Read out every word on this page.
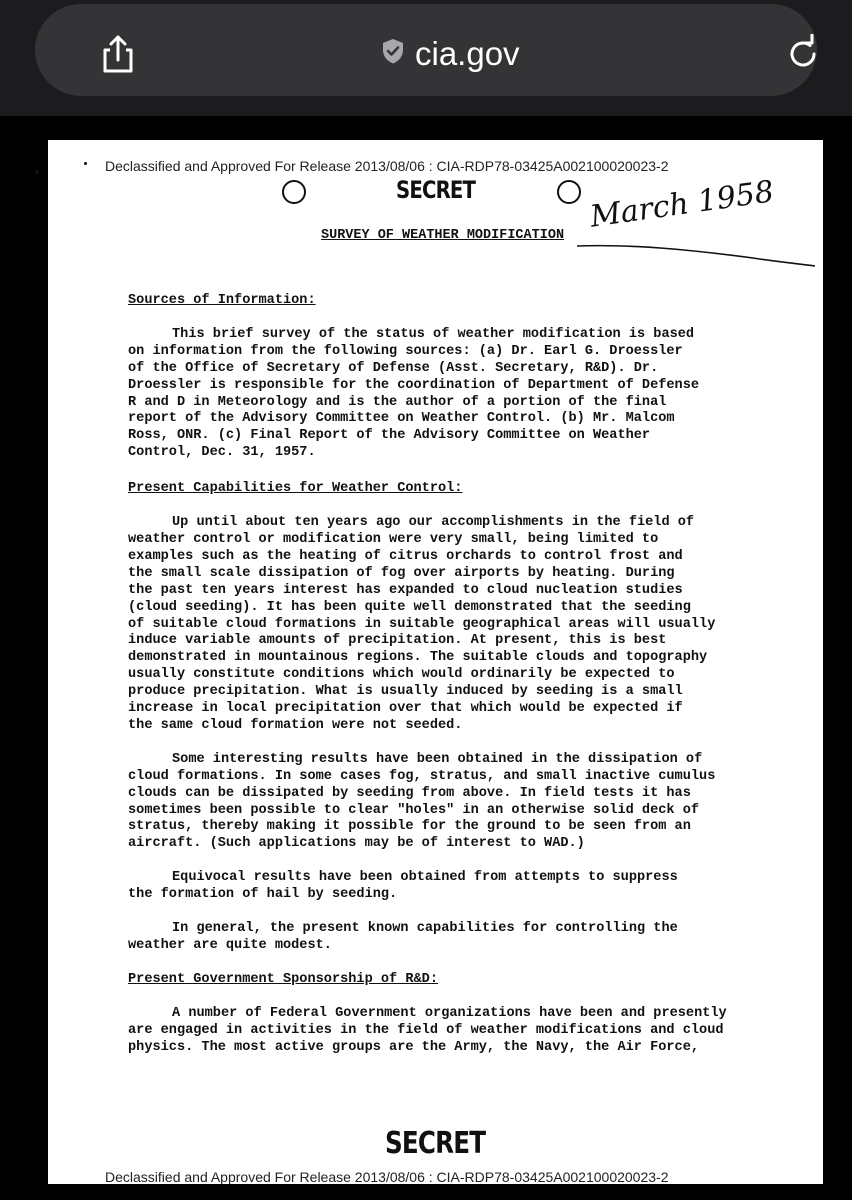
cia.gov
Declassified and Approved For Release 2013/08/06 : CIA-RDP78-03425A002100020023-2
SECRET
SURVEY OF WEATHER MODIFICATION
March 1958

Sources of Information:

This brief survey of the status of weather modification is based
on information from the following sources: (a) Dr. Earl G. Droessler
of the Office of Secretary of Defense (Asst. Secretary, R&D). Dr.
Droessler is responsible for the coordination of Department of Defense
R and D in Meteorology and is the author of a portion of the final
report of the Advisory Committee on Weather Control. (b) Mr. Malcom
Ross, ONR. (c) Final Report of the Advisory Committee on Weather
Control, Dec. 31, 1957.

Present Capabilities for Weather Control:

Up until about ten years ago our accomplishments in the field of
weather control or modification were very small, being limited to
examples such as the heating of citrus orchards to control frost and
the small scale dissipation of fog over airports by heating. During
the past ten years interest has expanded to cloud nucleation studies
(cloud seeding). It has been quite well demonstrated that the seeding
of suitable cloud formations in suitable geographical areas will usually
induce variable amounts of precipitation. At present, this is best
demonstrated in mountainous regions. The suitable clouds and topography
usually constitute conditions which would ordinarily be expected to
produce precipitation. What is usually induced by seeding is a small
increase in local precipitation over that which would be expected if
the same cloud formation were not seeded.

Some interesting results have been obtained in the dissipation of
cloud formations. In some cases fog, stratus, and small inactive cumulus
clouds can be dissipated by seeding from above. In field tests it has
sometimes been possible to clear "holes" in an otherwise solid deck of
stratus, thereby making it possible for the ground to be seen from an
aircraft. (Such applications may be of interest to WAD.)

Equivocal results have been obtained from attempts to suppress
the formation of hail by seeding.

In general, the present known capabilities for controlling the
weather are quite modest.

Present Government Sponsorship of R&D:

A number of Federal Government organizations have been and presently
are engaged in activities in the field of weather modifications and cloud
physics. The most active groups are the Army, the Navy, the Air Force,

SECRET
Declassified and Approved For Release 2013/08/06 : CIA-RDP78-03425A002100020023-2
